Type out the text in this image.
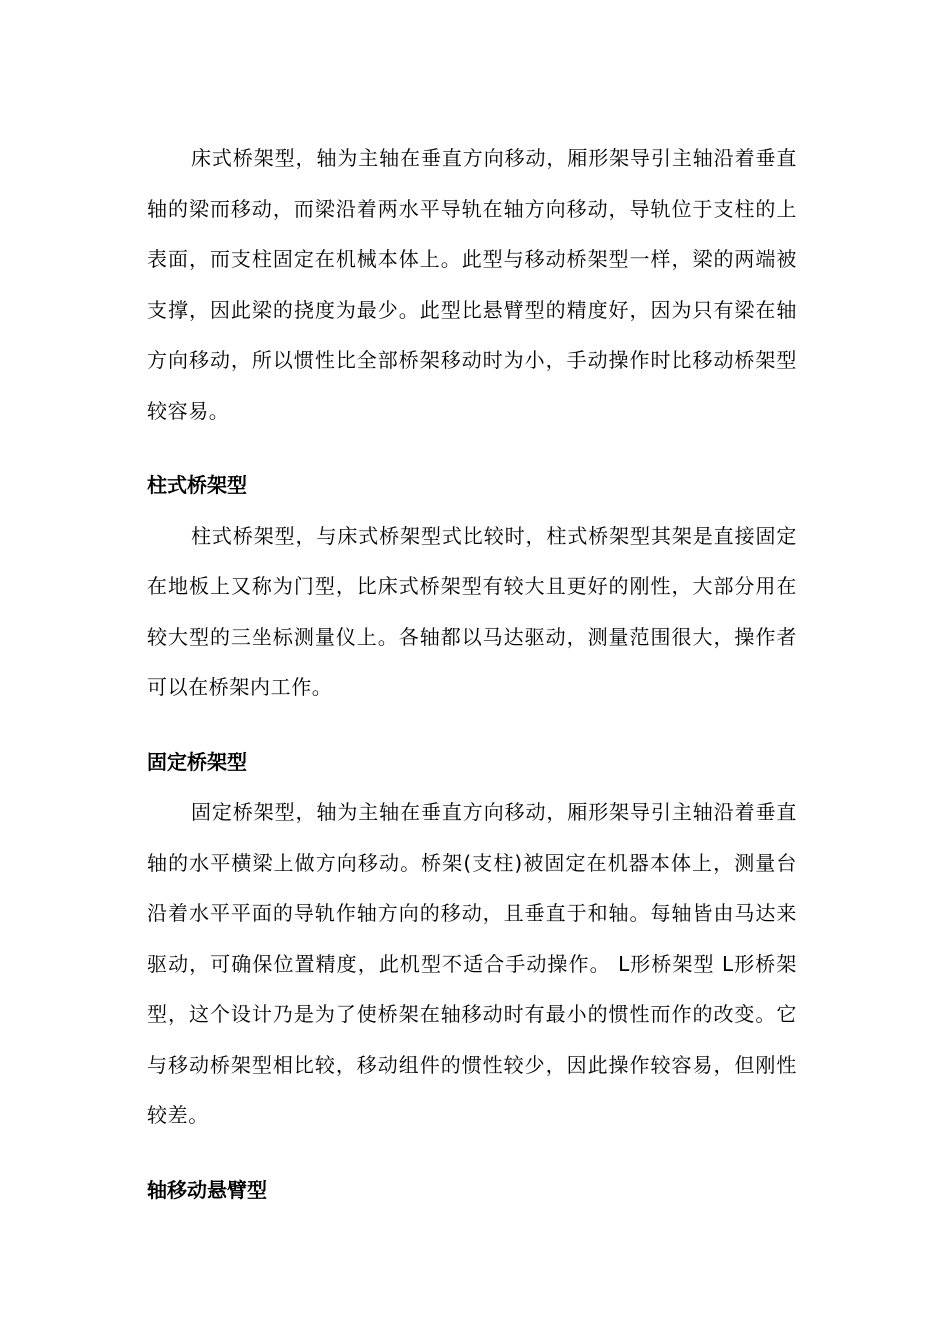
床式桥架型，轴为主轴在垂直方向移动，厢形架导引主轴沿着垂直轴的梁而移动，而梁沿着两水平导轨在轴方向移动，导轨位于支柱的上表面，而支柱固定在机械本体上。此型与移动桥架型一样，梁的两端被支撑，因此梁的挠度为最少。此型比悬臂型的精度好，因为只有梁在轴方向移动，所以惯性比全部桥架移动时为小，手动操作时比移动桥架型较容易。

柱式桥架型

柱式桥架型，与床式桥架型式比较时，柱式桥架型其架是直接固定在地板上又称为门型，比床式桥架型有较大且更好的刚性，大部分用在较大型的三坐标测量仪上。各轴都以马达驱动，测量范围很大，操作者可以在桥架内工作。

固定桥架型

固定桥架型，轴为主轴在垂直方向移动，厢形架导引主轴沿着垂直轴的水平横梁上做方向移动。桥架(支柱)被固定在机器本体上，测量台沿着水平平面的导轨作轴方向的移动，且垂直于和轴。每轴皆由马达来驱动，可确保位置精度，此机型不适合手动操作。 L形桥架型 L形桥架型，这个设计乃是为了使桥架在轴移动时有最小的惯性而作的改变。它与移动桥架型相比较，移动组件的惯性较少，因此操作较容易，但刚性较差。

轴移动悬臂型
